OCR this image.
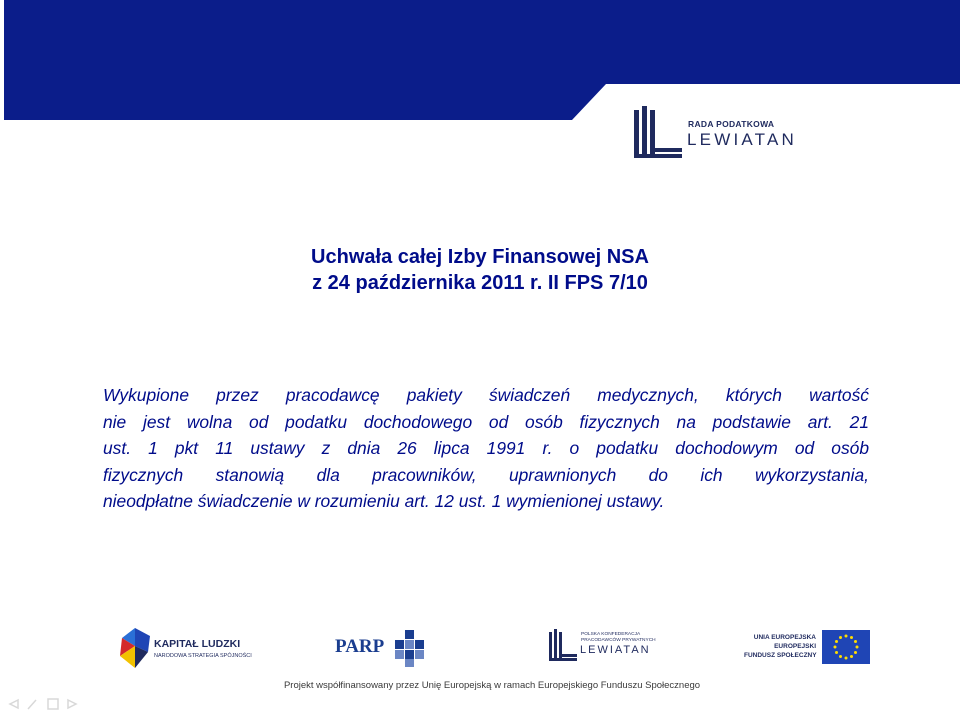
RADA PODATKOWA
LEWIATAN
Uchwała całej Izby Finansowej NSA
z 24 października 2011 r. II FPS 7/10
Wykupione przez pracodawcę pakiety świadczeń medycznych, których wartość
nie jest wolna od podatku dochodowego od osób fizycznych na podstawie art. 21
ust. 1 pkt 11 ustawy z dnia 26 lipca 1991 r. o podatku dochodowym od osób
fizycznych stanowią dla pracowników, uprawnionych do ich wykorzystania,
nieodpłatne świadczenie w rozumieniu art. 12 ust. 1 wymienionej ustawy.
KAPITAŁ LUDZKI
NARODOWA STRATEGIA SPÓJNOŚCI	PARP
POLSKA KONFEDERACJA
PRACODAWCÓW PRYWATNYCH
LEWIATAN
UNIA EUROPEJSKA
EUROPEJSKI
FUNDUSZ SPOŁECZNY
Projekt współfinansowany przez Unię Europejską w ramach Europejskiego Funduszu Społecznego
